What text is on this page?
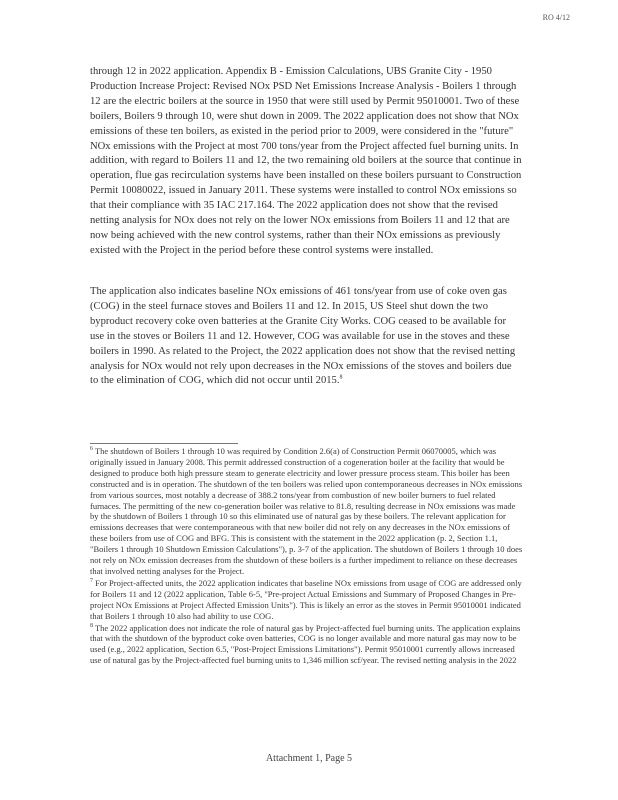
RO 4/12

through 12 in 2022 application. Appendix B - Emission Calculations, UBS Granite City - 1950 Production Increase Project: Revised NOx PSD Net Emissions Increase Analysis - Boilers 1 through 12 are the electric boilers at the source in 1950 that were still used by Permit 95010001. Two of these boilers, Boilers 9 through 10, were shut down in 2009. The 2022 application does not show that NOx emissions of these ten boilers, as existed in the period prior to 2009, were considered in the "future" NOx emissions with the Project at most 700 tons/year from the Project affected fuel burning units. In addition, with regard to Boilers 11 and 12, the two remaining old boilers at the source that continue in operation, flue gas recirculation systems have been installed on these boilers pursuant to Construction Permit 10080022, issued in January 2011. These systems were installed to control NOx emissions so that their compliance with 35 IAC 217.164. The 2022 application does not show that the revised netting analysis for NOx does not rely on the lower NOx emissions from Boilers 11 and 12 that are now being achieved with the new control systems, rather than their NOx emissions as previously existed with the Project in the period before these control systems were installed.

The application also indicates baseline NOx emissions of 461 tons/year from use of coke oven gas (COG) in the steel furnace stoves and Boilers 11 and 12. In 2015, US Steel shut down the two byproduct recovery coke oven batteries at the Granite City Works. COG ceased to be available for use in the stoves or Boilers 11 and 12. However, COG was available for use in the stoves and these boilers in 1990. As related to the Project, the 2022 application does not show that the revised netting analysis for NOx would not rely upon decreases in the NOx emissions of the stoves and boilers due to the elimination of COG, which did not occur until 2015.$^8$

$^6$ The shutdown of Boilers 1 through 10 was required by Condition 2.6(a) of Construction Permit 06070005, which was originally issued in January 2008. This permit addressed construction of a cogeneration boiler at the facility that would be designed to produce both high pressure steam to generate electricity and lower pressure process steam. This boiler has been constructed and is in operation. The shutdown of the ten boilers was relied upon contemporaneous decreases in NOx emissions from various sources, most notably a decrease of 388.2 tons/year from combustion of new boiler burners to fuel related furnaces. The permitting of the new co-generation boiler was relative to 81.8, resulting decrease in NOx emissions was made by the shutdown of Boilers 1 through 10 so this eliminated use of natural gas by these boilers. The relevant application for emissions decreases that were contemporaneous with that new boiler did not rely on any decreases in the NOx emissions of these boilers from use of COG and BFG. This is consistent with the statement in the 2022 application (p. 2, Section 1.1, "Boilers 1 through 10 Shutdown Emission Calculations"), p. 3-7 of the application. The shutdown of Boilers 1 through 10 does not rely on NOx emission decreases from the shutdown of these boilers is a further impediment to reliance on these decreases that involved netting analyses for the Project.

$^7$ For Project-affected units, the 2022 application indicates that baseline NOx emissions from usage of COG are addressed only for Boilers 11 and 12 (2022 application, Table 6-5, "Pre-project Actual Emissions and Summary of Proposed Changes in Pre-project NOx Emissions at Project Affected Emission Units"). This is likely an error as the stoves in Permit 95010001 indicated that Boilers 1 through 10 also had ability to use COG.

$^8$ The 2022 application does not indicate the role of natural gas by Project-affected fuel burning units. The application explains that with the shutdown of the byproduct coke oven batteries, COG is no longer available and more natural gas may now to be used (e.g., 2022 application, Section 6.5, "Post-Project Emissions Limitations"). Permit 95010001 currently allows increased use of natural gas by the Project-affected fuel burning units to 1,346 million scf/year. The revised netting analysis in the 2022

Attachment 1, Page 5
